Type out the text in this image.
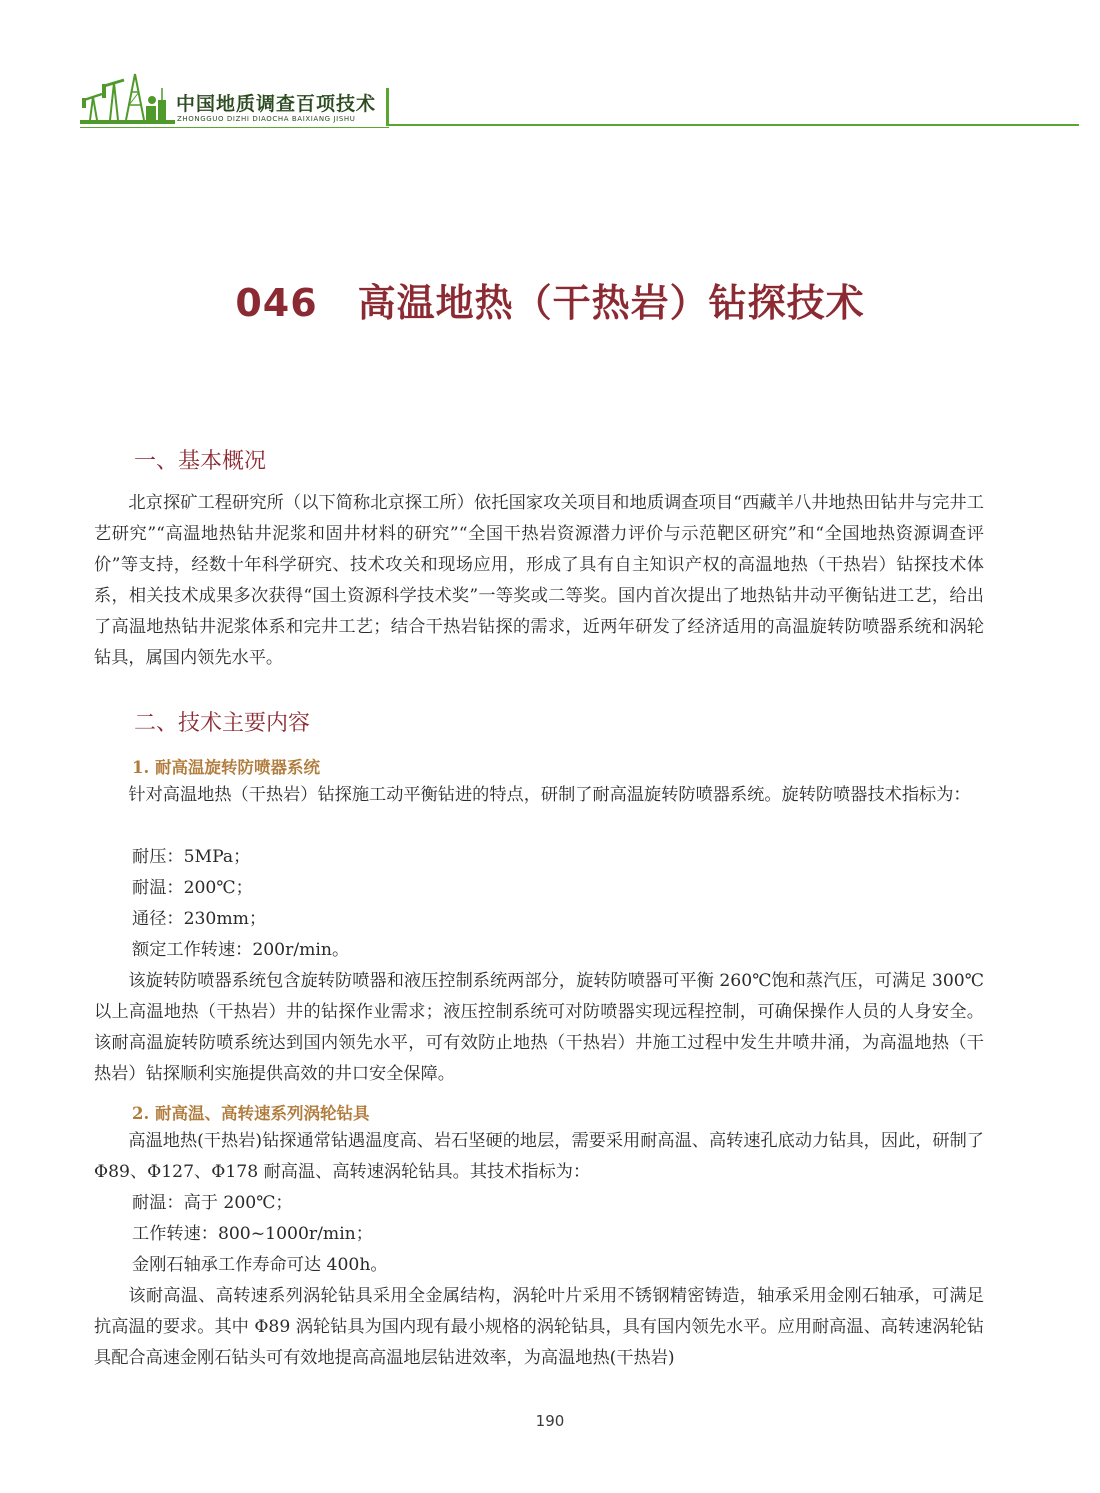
中国地质调查百项技术
ZHONGGUO DIZHI DIAOCHA BAIXIANG JISHU
046 高温地热（干热岩）钻探技术
一、基本概况

北京探矿工程研究所（以下简称北京探工所）依托国家攻关项目和地质调查项目“西藏羊八井地热田钻井与完井工艺研究”“高温地热钻井泥浆和固井材料的研究”“全国干热岩资源潜力评价与示范靶区研究”和“全国地热资源调查评价”等支持，经数十年科学研究、技术攻关和现场应用，形成了具有自主知识产权的高温地热（干热岩）钻探技术体系，相关技术成果多次获得“国土资源科学技术奖”一等奖或二等奖。国内首次提出了地热钻井动平衡钻进工艺，给出了高温地热钻井泥浆体系和完井工艺；结合干热岩钻探的需求，近两年研发了经济适用的高温旋转防喷器系统和涡轮钻具，属国内领先水平。

二、技术主要内容
1. 耐高温旋转防喷器系统

针对高温地热（干热岩）钻探施工动平衡钻进的特点，研制了耐高温旋转防喷器系统。旋转防喷器技术指标为：

耐压：5MPa；
耐温：200℃；
通径：230mm；
额定工作转速：200r/min。

该旋转防喷器系统包含旋转防喷器和液压控制系统两部分，旋转防喷器可平衡 260℃饱和蒸汽压，可满足 300℃以上高温地热（干热岩）井的钻探作业需求；液压控制系统可对防喷器实现远程控制，可确保操作人员的人身安全。该耐高温旋转防喷系统达到国内领先水平，可有效防止地热（干热岩）井施工过程中发生井喷井涌，为高温地热（干热岩）钻探顺利实施提供高效的井口安全保障。

2. 耐高温、高转速系列涡轮钻具

高温地热(干热岩)钻探通常钻遇温度高、岩石坚硬的地层，需要采用耐高温、高转速孔底动力钻具，因此，研制了 Φ89、Φ127、Φ178 耐高温、高转速涡轮钻具。其技术指标为：

耐温：高于 200℃；
工作转速：800~1000r/min；
金刚石轴承工作寿命可达 400h。

该耐高温、高转速系列涡轮钻具采用全金属结构，涡轮叶片采用不锈钢精密铸造，轴承采用金刚石轴承，可满足抗高温的要求。其中 Φ89 涡轮钻具为国内现有最小规格的涡轮钻具，具有国内领先水平。应用耐高温、高转速涡轮钻具配合高速金刚石钻头可有效地提高高温地层钻进效率，为高温地热(干热岩)

190
